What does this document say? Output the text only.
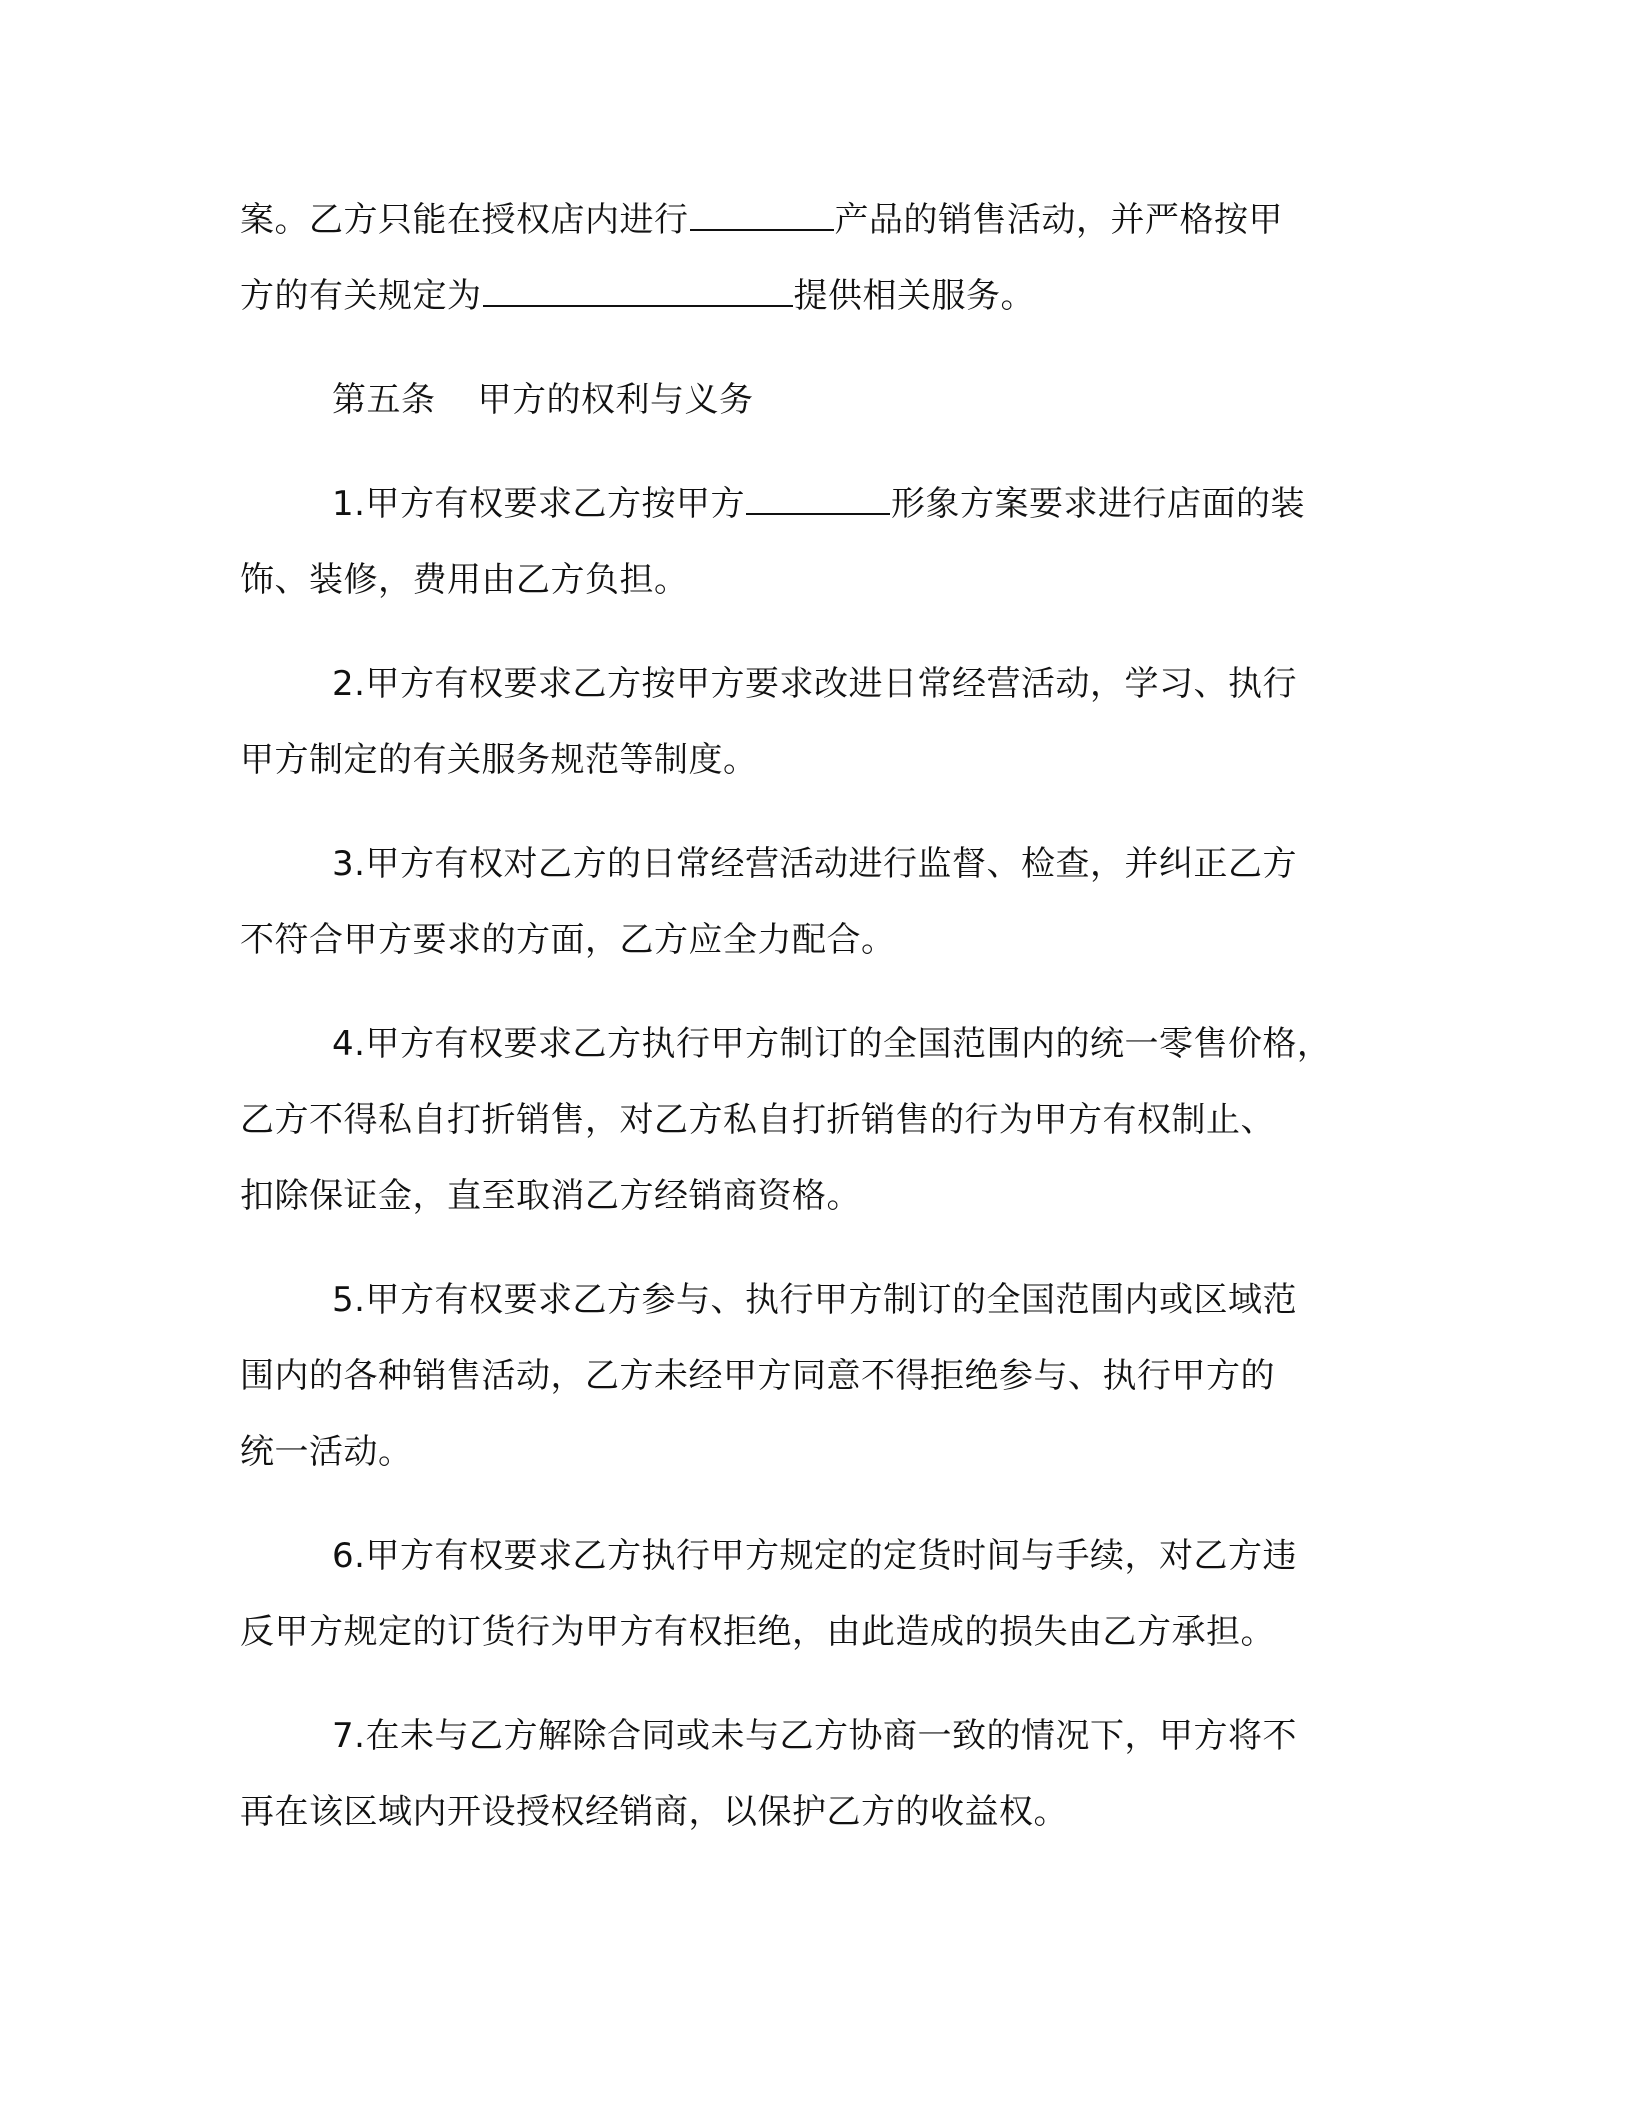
案。乙方只能在授权店内进行	产品的销售活动，并严格按甲
方的有关规定为	提供相关服务。
第五条 甲方的权利与义务
1.甲方有权要求乙方按甲方	形象方案要求进行店面的装
饰、装修，费用由乙方负担。
2.甲方有权要求乙方按甲方要求改进日常经营活动，学习、执行
甲方制定的有关服务规范等制度。
3.甲方有权对乙方的日常经营活动进行监督、检查，并纠正乙方
不符合甲方要求的方面，乙方应全力配合。
4.甲方有权要求乙方执行甲方制订的全国范围内的统一零售价格，
乙方不得私自打折销售，对乙方私自打折销售的行为甲方有权制止、
扣除保证金，直至取消乙方经销商资格。
5.甲方有权要求乙方参与、执行甲方制订的全国范围内或区域范
围内的各种销售活动，乙方未经甲方同意不得拒绝参与、执行甲方的
统一活动。
6.甲方有权要求乙方执行甲方规定的定货时间与手续，对乙方违
反甲方规定的订货行为甲方有权拒绝，由此造成的损失由乙方承担。
7.在未与乙方解除合同或未与乙方协商一致的情况下，甲方将不
再在该区域内开设授权经销商，以保护乙方的收益权。
